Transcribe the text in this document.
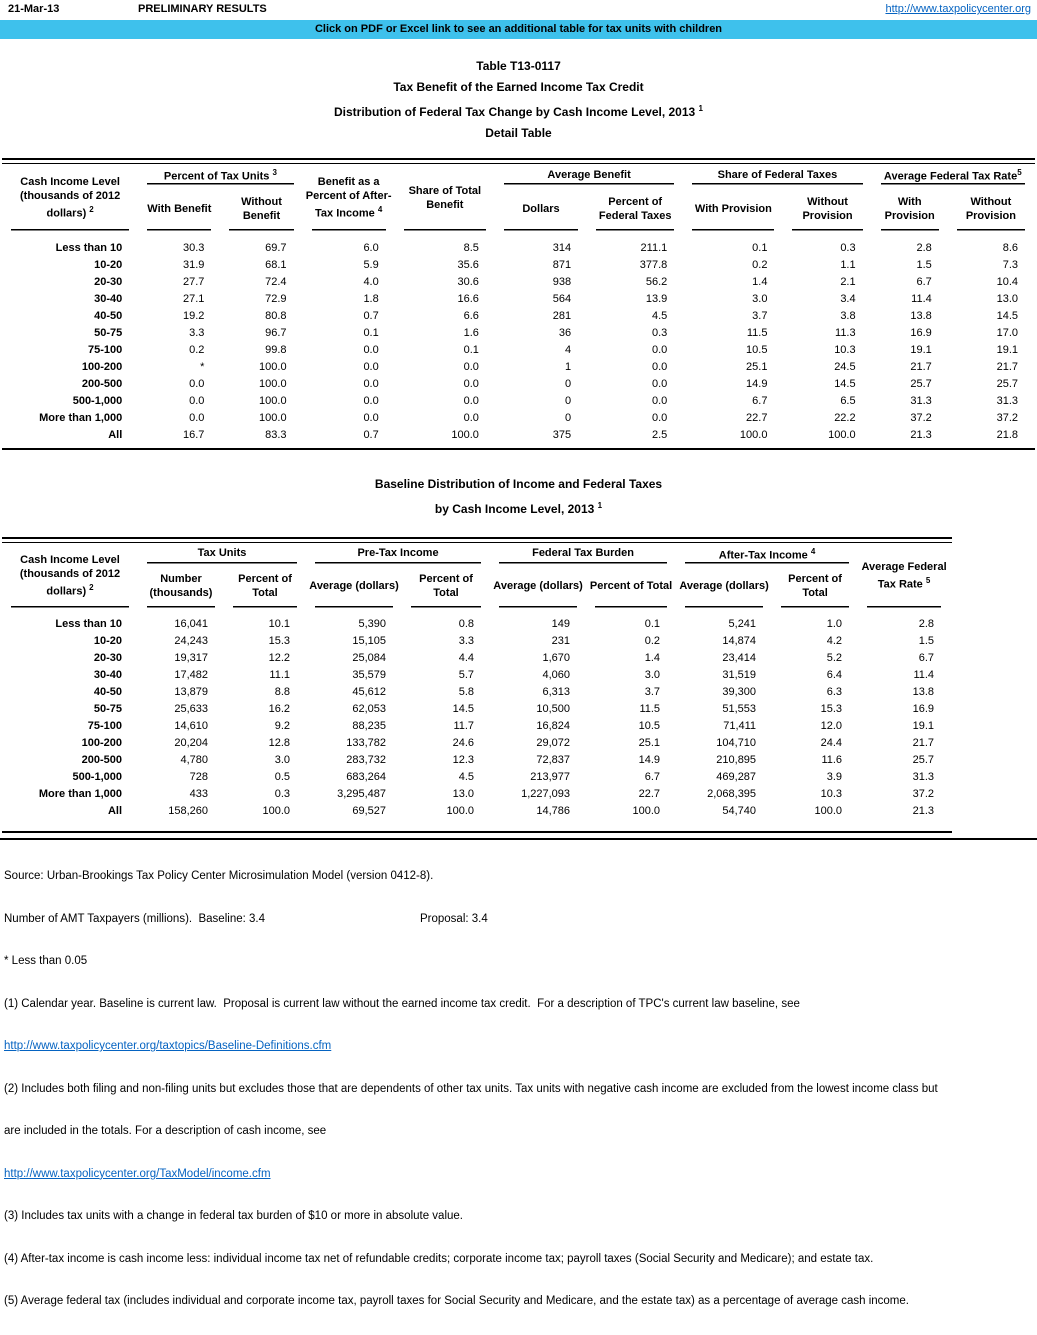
21-Mar-13	PRELIMINARY RESULTS	http://www.taxpolicycenter.org
Click on PDF or Excel link to see an additional table for tax units with children
Table T13-0117
Tax Benefit of the Earned Income Tax Credit
Distribution of Federal Tax Change by Cash Income Level, 2013 $^1$
Detail Table
Cash Income Level (thousands of 2012 dollars) $^2$	Percent of Tax Units $^3$		Benefit as a Percent of After-Tax Income $^4$	Share of Total Benefit	Average Benefit		Share of Federal Taxes		Average Federal Tax Rate$^5$
	With Benefit	Without Benefit			Dollars	Percent of Federal Taxes	With Provision	Without Provision	With Provision	Without Provision

Less than 10	30.3	69.7	6.0	8.5	314	211.1	0.1	0.3	2.8	8.6
10-20	31.9	68.1	5.9	35.6	871	377.8	0.2	1.1	1.5	7.3
20-30	27.7	72.4	4.0	30.6	938	56.2	1.4	2.1	6.7	10.4
30-40	27.1	72.9	1.8	16.6	564	13.9	3.0	3.4	11.4	13.0
40-50	19.2	80.8	0.7	6.6	281	4.5	3.7	3.8	13.8	14.5
50-75	3.3	96.7	0.1	1.6	36	0.3	11.5	11.3	16.9	17.0
75-100	0.2	99.8	0.0	0.1	4	0.0	10.5	10.3	19.1	19.1
100-200	*	100.0	0.0	0.0	1	0.0	25.1	24.5	21.7	21.7
200-500	0.0	100.0	0.0	0.0	0	0.0	14.9	14.5	25.7	25.7
500-1,000	0.0	100.0	0.0	0.0	0	0.0	6.7	6.5	31.3	31.3
More than 1,000	0.0	100.0	0.0	0.0	0	0.0	22.7	22.2	37.2	37.2
All	16.7	83.3	0.7	100.0	375	2.5	100.0	100.0	21.3	21.8
Baseline Distribution of Income and Federal Taxes
by Cash Income Level, 2013 $^1$
Cash Income Level (thousands of 2012 dollars) $^2$	Tax Units		Pre-Tax Income		Federal Tax Burden		After-Tax Income $^4$		Average Federal Tax Rate $^5$
	Number (thousands)	Percent of Total	Average (dollars)	Percent of Total	Average (dollars)	Percent of Total	Average (dollars)	Percent of Total	

Less than 10	16,041	10.1	5,390	0.8	149	0.1	5,241	1.0	2.8
10-20	24,243	15.3	15,105	3.3	231	0.2	14,874	4.2	1.5
20-30	19,317	12.2	25,084	4.4	1,670	1.4	23,414	5.2	6.7
30-40	17,482	11.1	35,579	5.7	4,060	3.0	31,519	6.4	11.4
40-50	13,879	8.8	45,612	5.8	6,313	3.7	39,300	6.3	13.8
50-75	25,633	16.2	62,053	14.5	10,500	11.5	51,553	15.3	16.9
75-100	14,610	9.2	88,235	11.7	16,824	10.5	71,411	12.0	19.1
100-200	20,204	12.8	133,782	24.6	29,072	25.1	104,710	24.4	21.7
200-500	4,780	3.0	283,732	12.3	72,837	14.9	210,895	11.6	25.7
500-1,000	728	0.5	683,264	4.5	213,977	6.7	469,287	3.9	31.3
More than 1,000	433	0.3	3,295,487	13.0	1,227,093	22.7	2,068,395	10.3	37.2
All	158,260	100.0	69,527	100.0	14,786	100.0	54,740	100.0	21.3

Source: Urban-Brookings Tax Policy Center Microsimulation Model (version 0412-8).

Number of AMT Taxpayers (millions).  Baseline: 3.4	Proposal: 3.4

* Less than 0.05

(1) Calendar year. Baseline is current law.  Proposal is current law without the earned income tax credit.  For a description of TPC's current law baseline, see

http://www.taxpolicycenter.org/taxtopics/Baseline-Definitions.cfm

(2) Includes both filing and non-filing units but excludes those that are dependents of other tax units. Tax units with negative cash income are excluded from the lowest income class but

are included in the totals. For a description of cash income, see

http://www.taxpolicycenter.org/TaxModel/income.cfm

(3) Includes tax units with a change in federal tax burden of $10 or more in absolute value.

(4) After-tax income is cash income less: individual income tax net of refundable credits; corporate income tax; payroll taxes (Social Security and Medicare); and estate tax.

(5) Average federal tax (includes individual and corporate income tax, payroll taxes for Social Security and Medicare, and the estate tax) as a percentage of average cash income.
